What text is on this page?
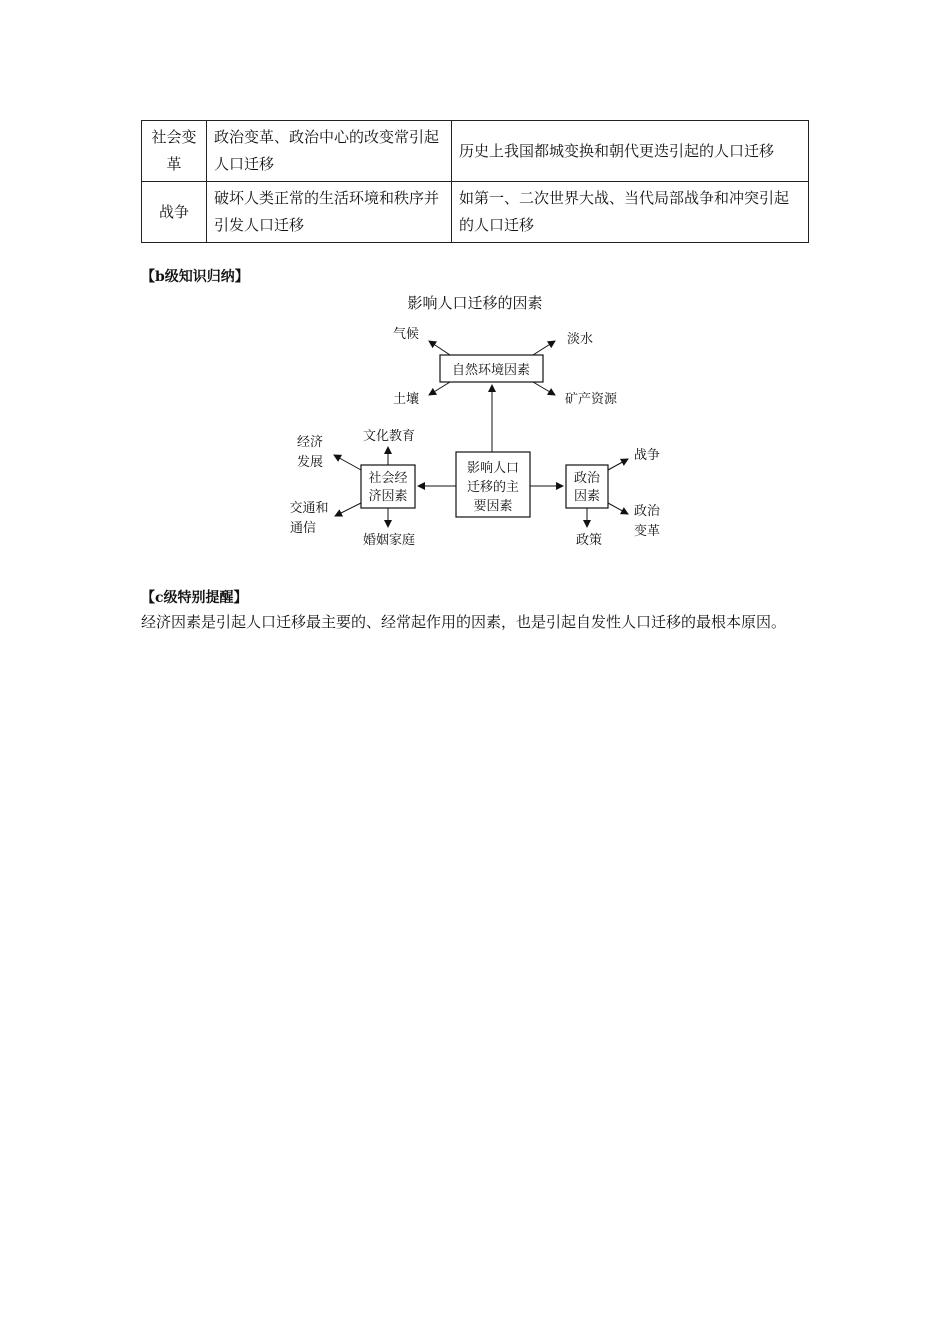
社会变革	政治变革、政治中心的改变常引起人口迁移	历史上我国都城变换和朝代更迭引起的人口迁移
战争	破坏人类正常的生活环境和秩序并引发人口迁移	如第一、二次世界大战、当代局部战争和冲突引起的人口迁移
【b级知识归纳】
影响人口迁移的因素
自然环境因素
影响人口
迁移的主
要因素
社会经
济因素
政治
因素
气候	淡水
土壤	矿产资源
文化教育
经济
发展
交通和
通信
婚姻家庭
战争
政治
变革
政策
【c级特别提醒】
经济因素是引起人口迁移最主要的、经常起作用的因素，也是引起自发性人口迁移的最根本原因。
